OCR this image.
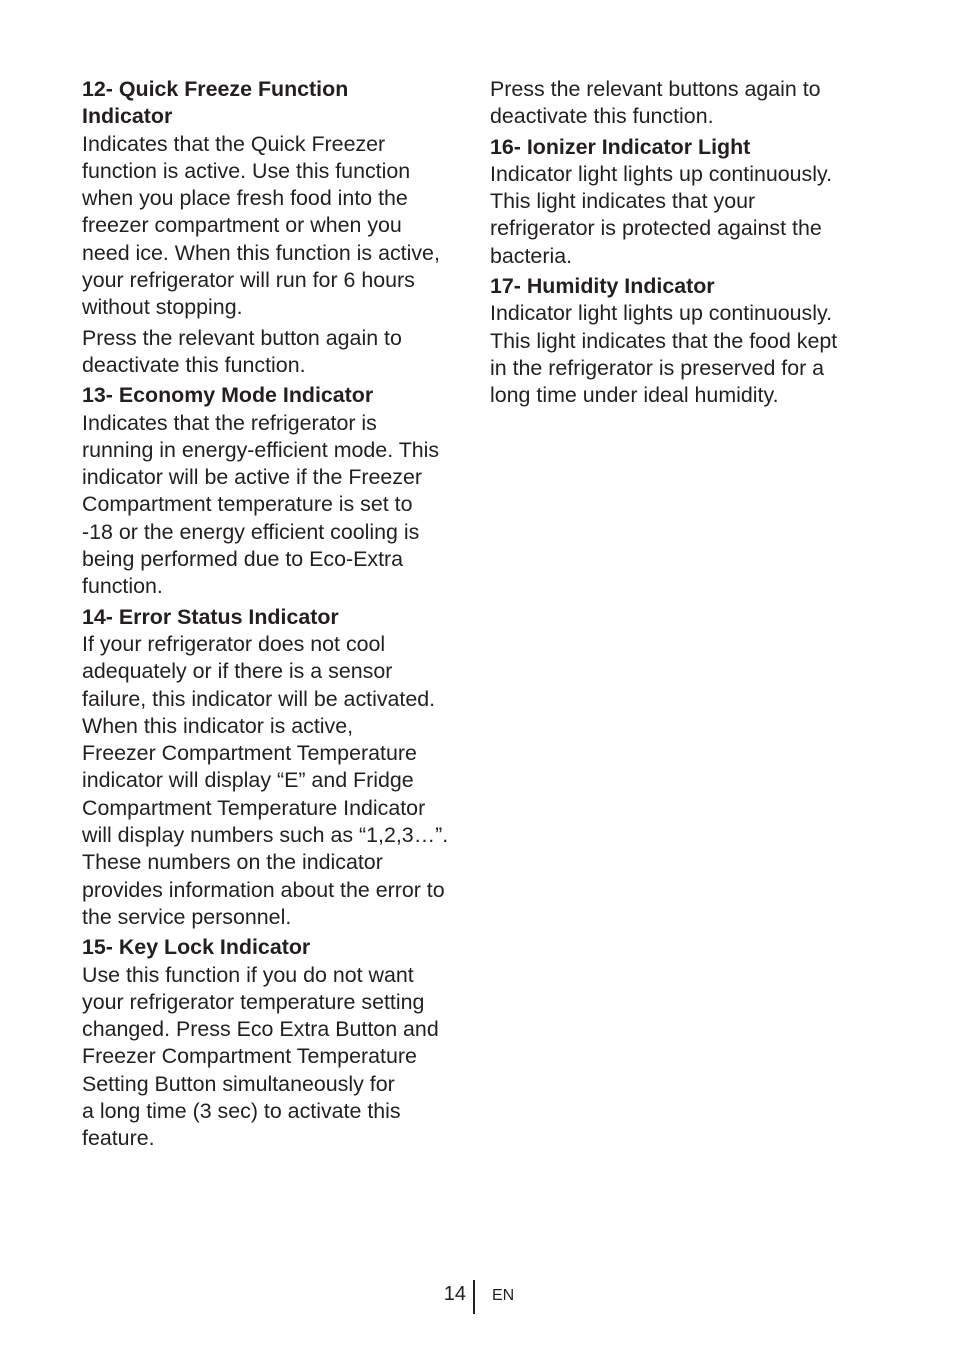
12- Quick Freeze Function
Indicator

Indicates that the Quick Freezer
function is active. Use this function
when you place fresh food into the
freezer compartment or when you
need ice. When this function is active,
your refrigerator will run for 6 hours
without stopping.

Press the relevant button again to
deactivate this function.

13- Economy Mode Indicator

Indicates that the refrigerator is
running in energy-efficient mode. This
indicator will be active if the Freezer
Compartment temperature is set to
-18 or the energy efficient cooling is
being performed due to Eco-Extra
function.

14- Error Status Indicator

If your refrigerator does not cool
adequately or if there is a sensor
failure, this indicator will be activated.
When this indicator is active,
Freezer Compartment Temperature
indicator will display “E” and Fridge
Compartment Temperature Indicator
will display numbers such as “1,2,3…”.
These numbers on the indicator
provides information about the error to
the service personnel.

15- Key Lock Indicator

Use this function if you do not want
your refrigerator temperature setting
changed. Press Eco Extra Button and
Freezer Compartment Temperature
Setting Button simultaneously for
a long time (3 sec) to activate this
feature.

Press the relevant buttons again to
deactivate this function.

16- Ionizer Indicator Light

Indicator light lights up continuously.
This light indicates that your
refrigerator is protected against the
bacteria.

17- Humidity Indicator

Indicator light lights up continuously.
This light indicates that the food kept
in the refrigerator is preserved for a
long time under ideal humidity.

14 EN
